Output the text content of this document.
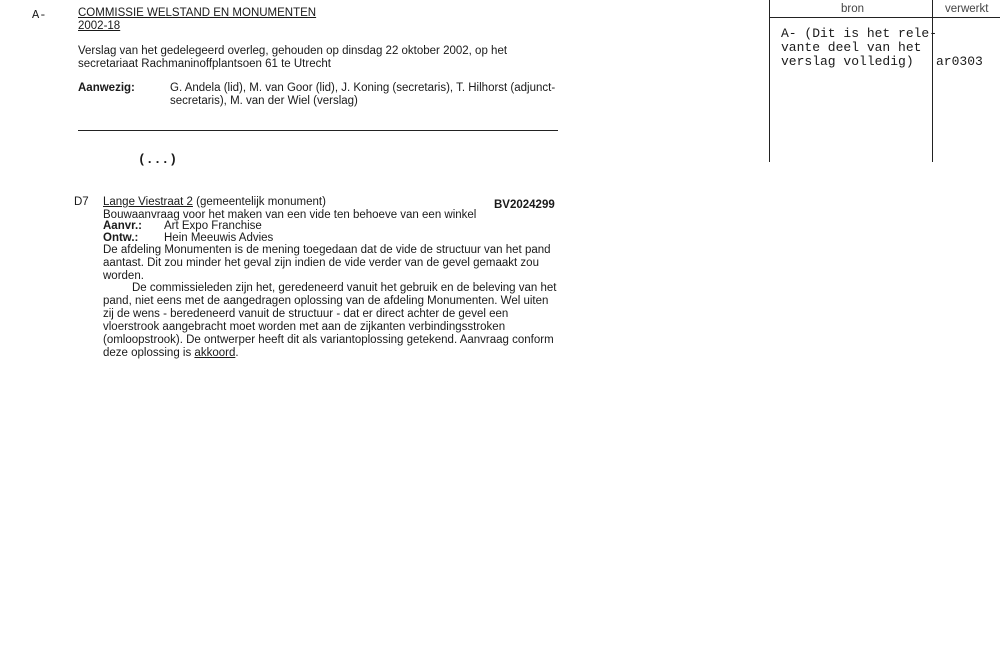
A-	COMMISSIE WELSTAND EN MONUMENTEN
2002-18
Verslag van het gedelegeerd overleg, gehouden op dinsdag 22 oktober 2002, op het
secretariaat Rachmaninoffplantsoen 61 te Utrecht
Aanwezig:	G. Andela (lid), M. van Goor (lid), J. Koning (secretaris), T. Hilhorst (adjunct-
secretaris), M. van der Wiel (verslag)
(...)
D7 Lange Viestraat 2 (gemeentelijk monument)	BV2024299
Bouwaanvraag voor het maken van een vide ten behoeve van een winkel
Aanvr.: Art Expo Franchise
Ontw.: Hein Meeuwis Advies
De afdeling Monumenten is de mening toegedaan dat de vide de structuur van het pand
aantast. Dit zou minder het geval zijn indien de vide verder van de gevel gemaakt zou
worden.
De commissieleden zijn het, geredeneerd vanuit het gebruik en de beleving van het
pand, niet eens met de aangedragen oplossing van de afdeling Monumenten. Wel uiten
zij de wens - beredeneerd vanuit de structuur - dat er direct achter de gevel een
vloerstrook aangebracht moet worden met aan de zijkanten verbindingsstroken
(omloopstrook). De ontwerper heeft dit als variantoplossing getekend. Aanvraag conform
deze oplossing is akkoord.
bron	verwerkt
A- (Dit is het rele-
vante deel van het
verslag volledig)	ar0303
